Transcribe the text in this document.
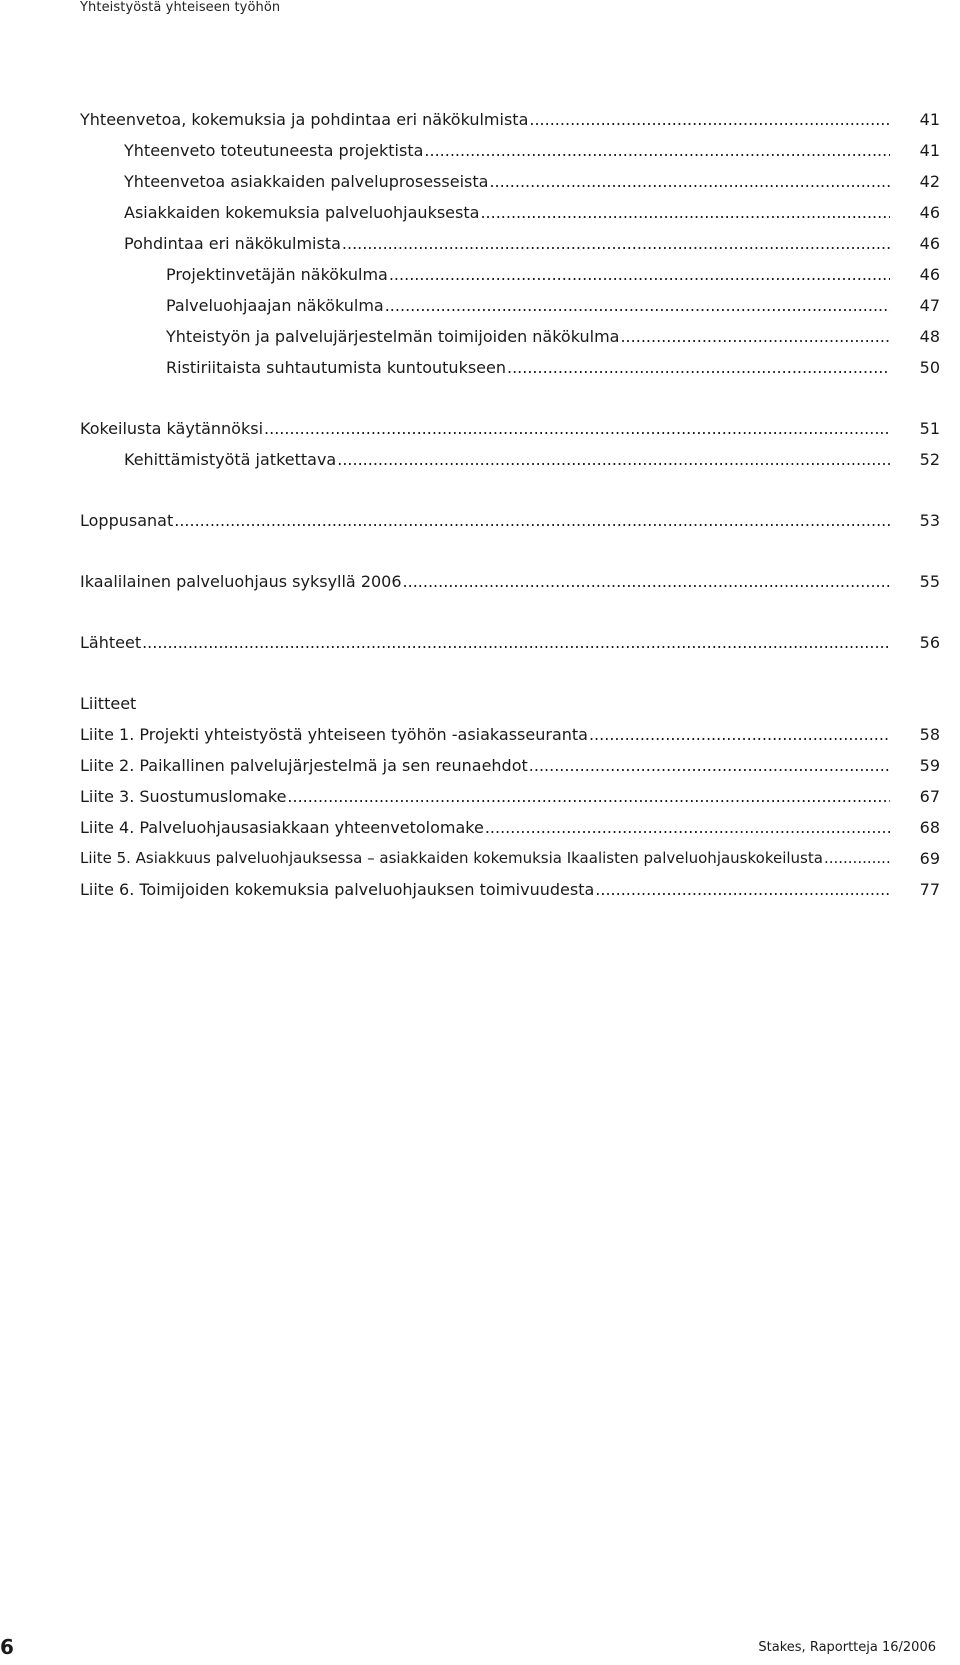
Yhteistyöstä yhteiseen työhön
Yhteenvetoa, kokemuksia ja pohdintaa eri näkökulmista .....	41
Yhteenveto toteutuneesta projektista .....	41
Yhteenvetoa asiakkaiden palveluprosesseista .....	42
Asiakkaiden kokemuksia palveluohjauksesta .....	46
Pohdintaa eri näkökulmista .....	46
Projektinvetäjän näkökulma .....	46
Palveluohjaajan näkökulma .....	47
Yhteistyön ja palvelujärjestelmän toimijoiden näkökulma .....	48
Ristiriitaista suhtautumista kuntoutukseen .....	50
Kokeilusta käytännöksi .....	51
Kehittämistyötä jatkettava .....	52
Loppusanat .....	53
Ikaalilainen palveluohjaus syksyllä 2006 .....	55
Lähteet .....	56
Liitteet
Liite 1. Projekti yhteistyöstä yhteiseen työhön -asiakasseuranta .....	58
Liite 2. Paikallinen palvelujärjestelmä ja sen reunaehdot .....	59
Liite 3. Suostumuslomake .....	67
Liite 4. Palveluohjausasiakkaan yhteenvetolomake .....	68
Liite 5. Asiakkuus palveluohjauksessa – asiakkaiden kokemuksia Ikaalisten palveluohjauskokeilusta .....	69
Liite 6. Toimijoiden kokemuksia palveluohjauksen toimivuudesta .....	77
6	Stakes, Raportteja 16/2006
